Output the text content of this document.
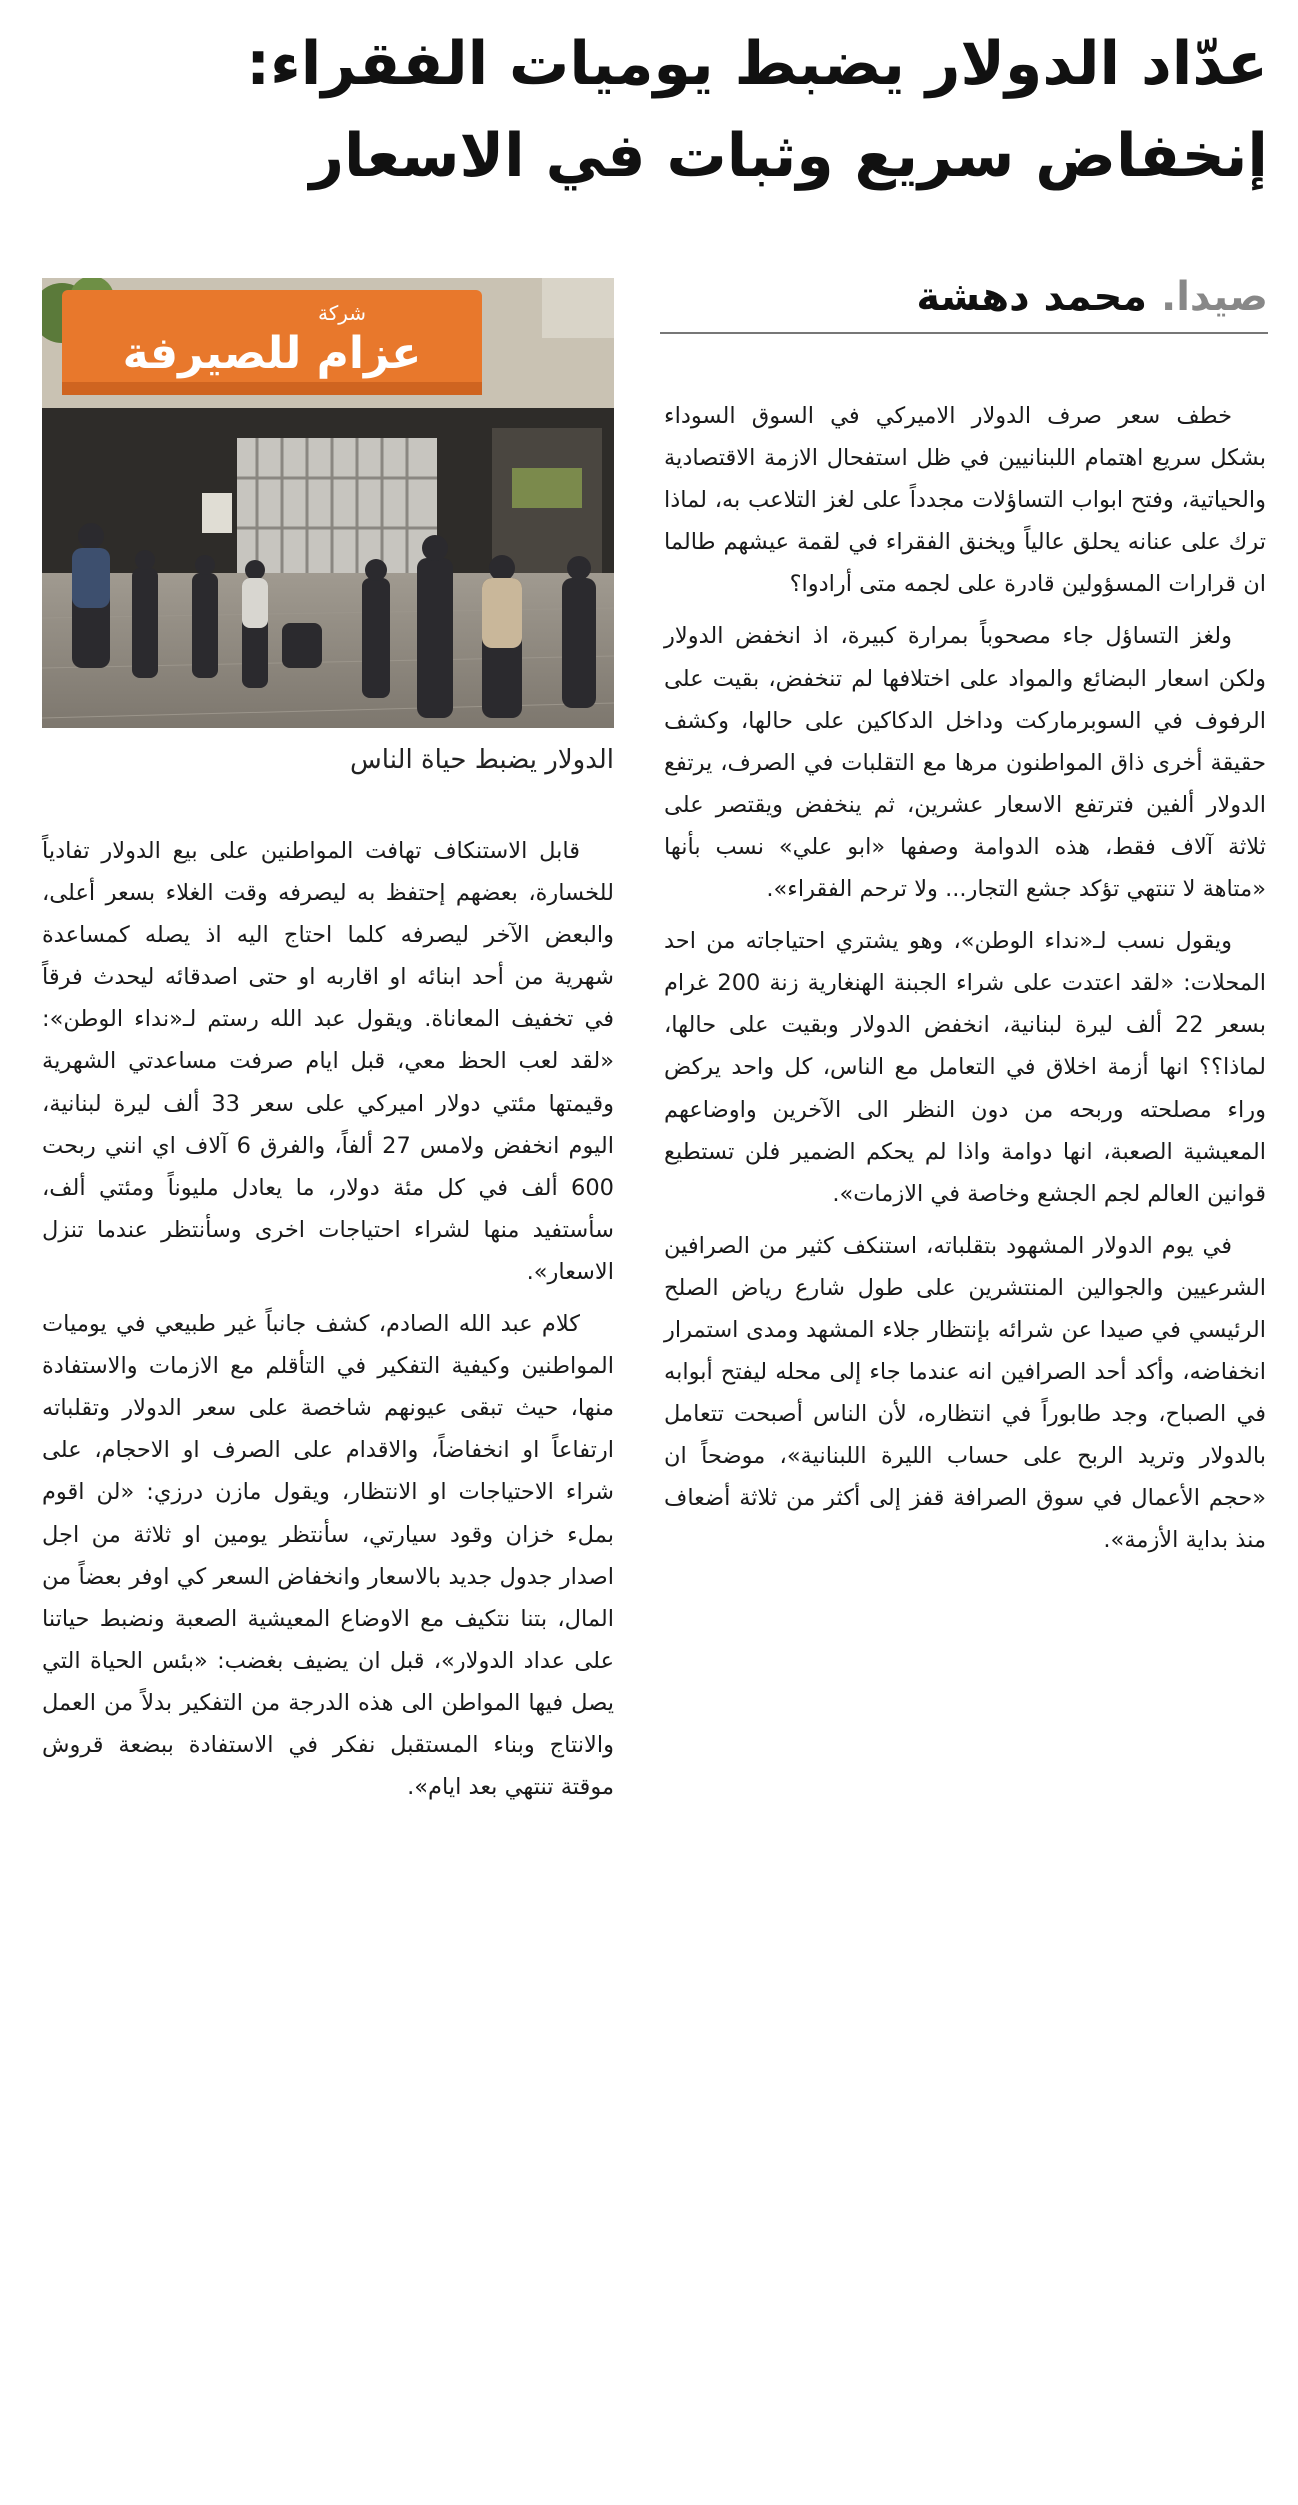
عدّاد الدولار يضبط يوميات الفقراء:
إنخفاض سريع وثبات في الاسعار
صيدا. محمد دهشة
شركة
عزام للصيرفة
الدولار يضبط حياة الناس

خطف سعر صرف الدولار الاميركي في السوق السوداء بشكل سريع اهتمام اللبنانيين في ظل استفحال الازمة الاقتصادية والحياتية، وفتح ابواب التساؤلات مجدداً على لغز التلاعب به، لماذا ترك على عنانه يحلق عالياً ويخنق الفقراء في لقمة عيشهم طالما ان قرارات المسؤولين قادرة على لجمه متى أرادوا؟

ولغز التساؤل جاء مصحوباً بمرارة كبيرة، اذ انخفض الدولار ولكن اسعار البضائع والمواد على اختلافها لم تنخفض، بقيت على الرفوف في السوبرماركت وداخل الدكاكين على حالها، وكشف حقيقة أخرى ذاق المواطنون مرها مع التقلبات في الصرف، يرتفع الدولار ألفين فترتفع الاسعار عشرين، ثم ينخفض ويقتصر على ثلاثة آلاف فقط، هذه الدوامة وصفها «ابو علي» نسب بأنها «متاهة لا تنتهي تؤكد جشع التجار... ولا ترحم الفقراء».

ويقول نسب لـ«نداء الوطن»، وهو يشتري احتياجاته من احد المحلات: «لقد اعتدت على شراء الجبنة الهنغارية زنة 200 غرام بسعر 22 ألف ليرة لبنانية، انخفض الدولار وبقيت على حالها، لماذا؟؟ انها أزمة اخلاق في التعامل مع الناس، كل واحد يركض وراء مصلحته وربحه من دون النظر الى الآخرين واوضاعهم المعيشية الصعبة، انها دوامة واذا لم يحكم الضمير فلن تستطيع قوانين العالم لجم الجشع وخاصة في الازمات».

في يوم الدولار المشهود بتقلباته، استنكف كثير من الصرافين الشرعيين والجوالين المنتشرين على طول شارع رياض الصلح الرئيسي في صيدا عن شرائه بإنتظار جلاء المشهد ومدى استمرار انخفاضه، وأكد أحد الصرافين انه عندما جاء إلى محله ليفتح أبوابه في الصباح، وجد طابوراً في انتظاره، لأن الناس أصبحت تتعامل بالدولار وتريد الربح على حساب الليرة اللبنانية»، موضحاً ان «حجم الأعمال في سوق الصرافة قفز إلى أكثر من ثلاثة أضعاف منذ بداية الأزمة».

قابل الاستنكاف تهافت المواطنين على بيع الدولار تفادياً للخسارة، بعضهم إحتفظ به ليصرفه وقت الغلاء بسعر أعلى، والبعض الآخر ليصرفه كلما احتاج اليه اذ يصله كمساعدة شهرية من أحد ابنائه او اقاربه او حتى اصدقائه ليحدث فرقاً في تخفيف المعاناة. ويقول عبد الله رستم لـ«نداء الوطن»: «لقد لعب الحظ معي، قبل ايام صرفت مساعدتي الشهرية وقيمتها مئتي دولار اميركي على سعر 33 ألف ليرة لبنانية، اليوم انخفض ولامس 27 ألفاً، والفرق 6 آلاف اي انني ربحت 600 ألف في كل مئة دولار، ما يعادل مليوناً ومئتي ألف، سأستفيد منها لشراء احتياجات اخرى وسأنتظر عندما تنزل الاسعار».

كلام عبد الله الصادم، كشف جانباً غير طبيعي في يوميات المواطنين وكيفية التفكير في التأقلم مع الازمات والاستفادة منها، حيث تبقى عيونهم شاخصة على سعر الدولار وتقلباته ارتفاعاً او انخفاضاً، والاقدام على الصرف او الاحجام، على شراء الاحتياجات او الانتظار، ويقول مازن درزي: «لن اقوم بملء خزان وقود سيارتي، سأنتظر يومين او ثلاثة من اجل اصدار جدول جديد بالاسعار وانخفاض السعر كي اوفر بعضاً من المال، بتنا نتكيف مع الاوضاع المعيشية الصعبة ونضبط حياتنا على عداد الدولار»، قبل ان يضيف بغضب: «بئس الحياة التي يصل فيها المواطن الى هذه الدرجة من التفكير بدلاً من العمل والانتاج وبناء المستقبل نفكر في الاستفادة ببضعة قروش موقتة تنتهي بعد ايام».
